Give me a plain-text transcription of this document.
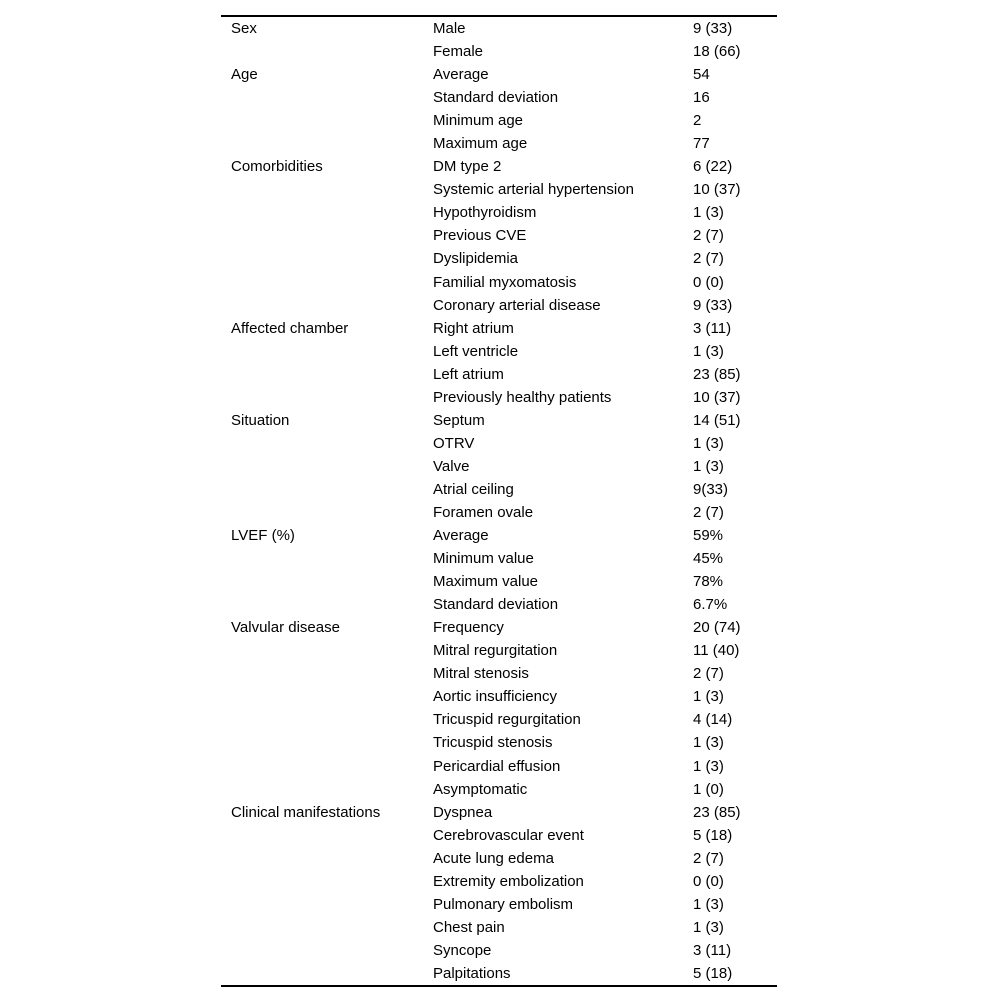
Sex	Male	9 (33)
Female	18 (66)
Age	Average	54
Standard deviation	16
Minimum age	2
Maximum age	77
Comorbidities	DM type 2	6 (22)
Systemic arterial hypertension	10 (37)
Hypothyroidism	1 (3)
Previous CVE	2 (7)
Dyslipidemia	2 (7)
Familial myxomatosis	0 (0)
Coronary arterial disease	9 (33)
Affected chamber	Right atrium	3 (11)
Left ventricle	1 (3)
Left atrium	23 (85)
Previously healthy patients	10 (37)
Situation	Septum	14 (51)
OTRV	1 (3)
Valve	1 (3)
Atrial ceiling	9(33)
Foramen ovale	2 (7)
LVEF (%)	Average	59%
Minimum value	45%
Maximum value	78%
Standard deviation	6.7%
Valvular disease	Frequency	20 (74)
Mitral regurgitation	11 (40)
Mitral stenosis	2 (7)
Aortic insufficiency	1 (3)
Tricuspid regurgitation	4 (14)
Tricuspid stenosis	1 (3)
Pericardial effusion	1 (3)
Asymptomatic	1 (0)
Clinical manifestations	Dyspnea	23 (85)
Cerebrovascular event	5 (18)
Acute lung edema	2 (7)
Extremity embolization	0 (0)
Pulmonary embolism	1 (3)
Chest pain	1 (3)
Syncope	3 (11)
Palpitations	5 (18)
